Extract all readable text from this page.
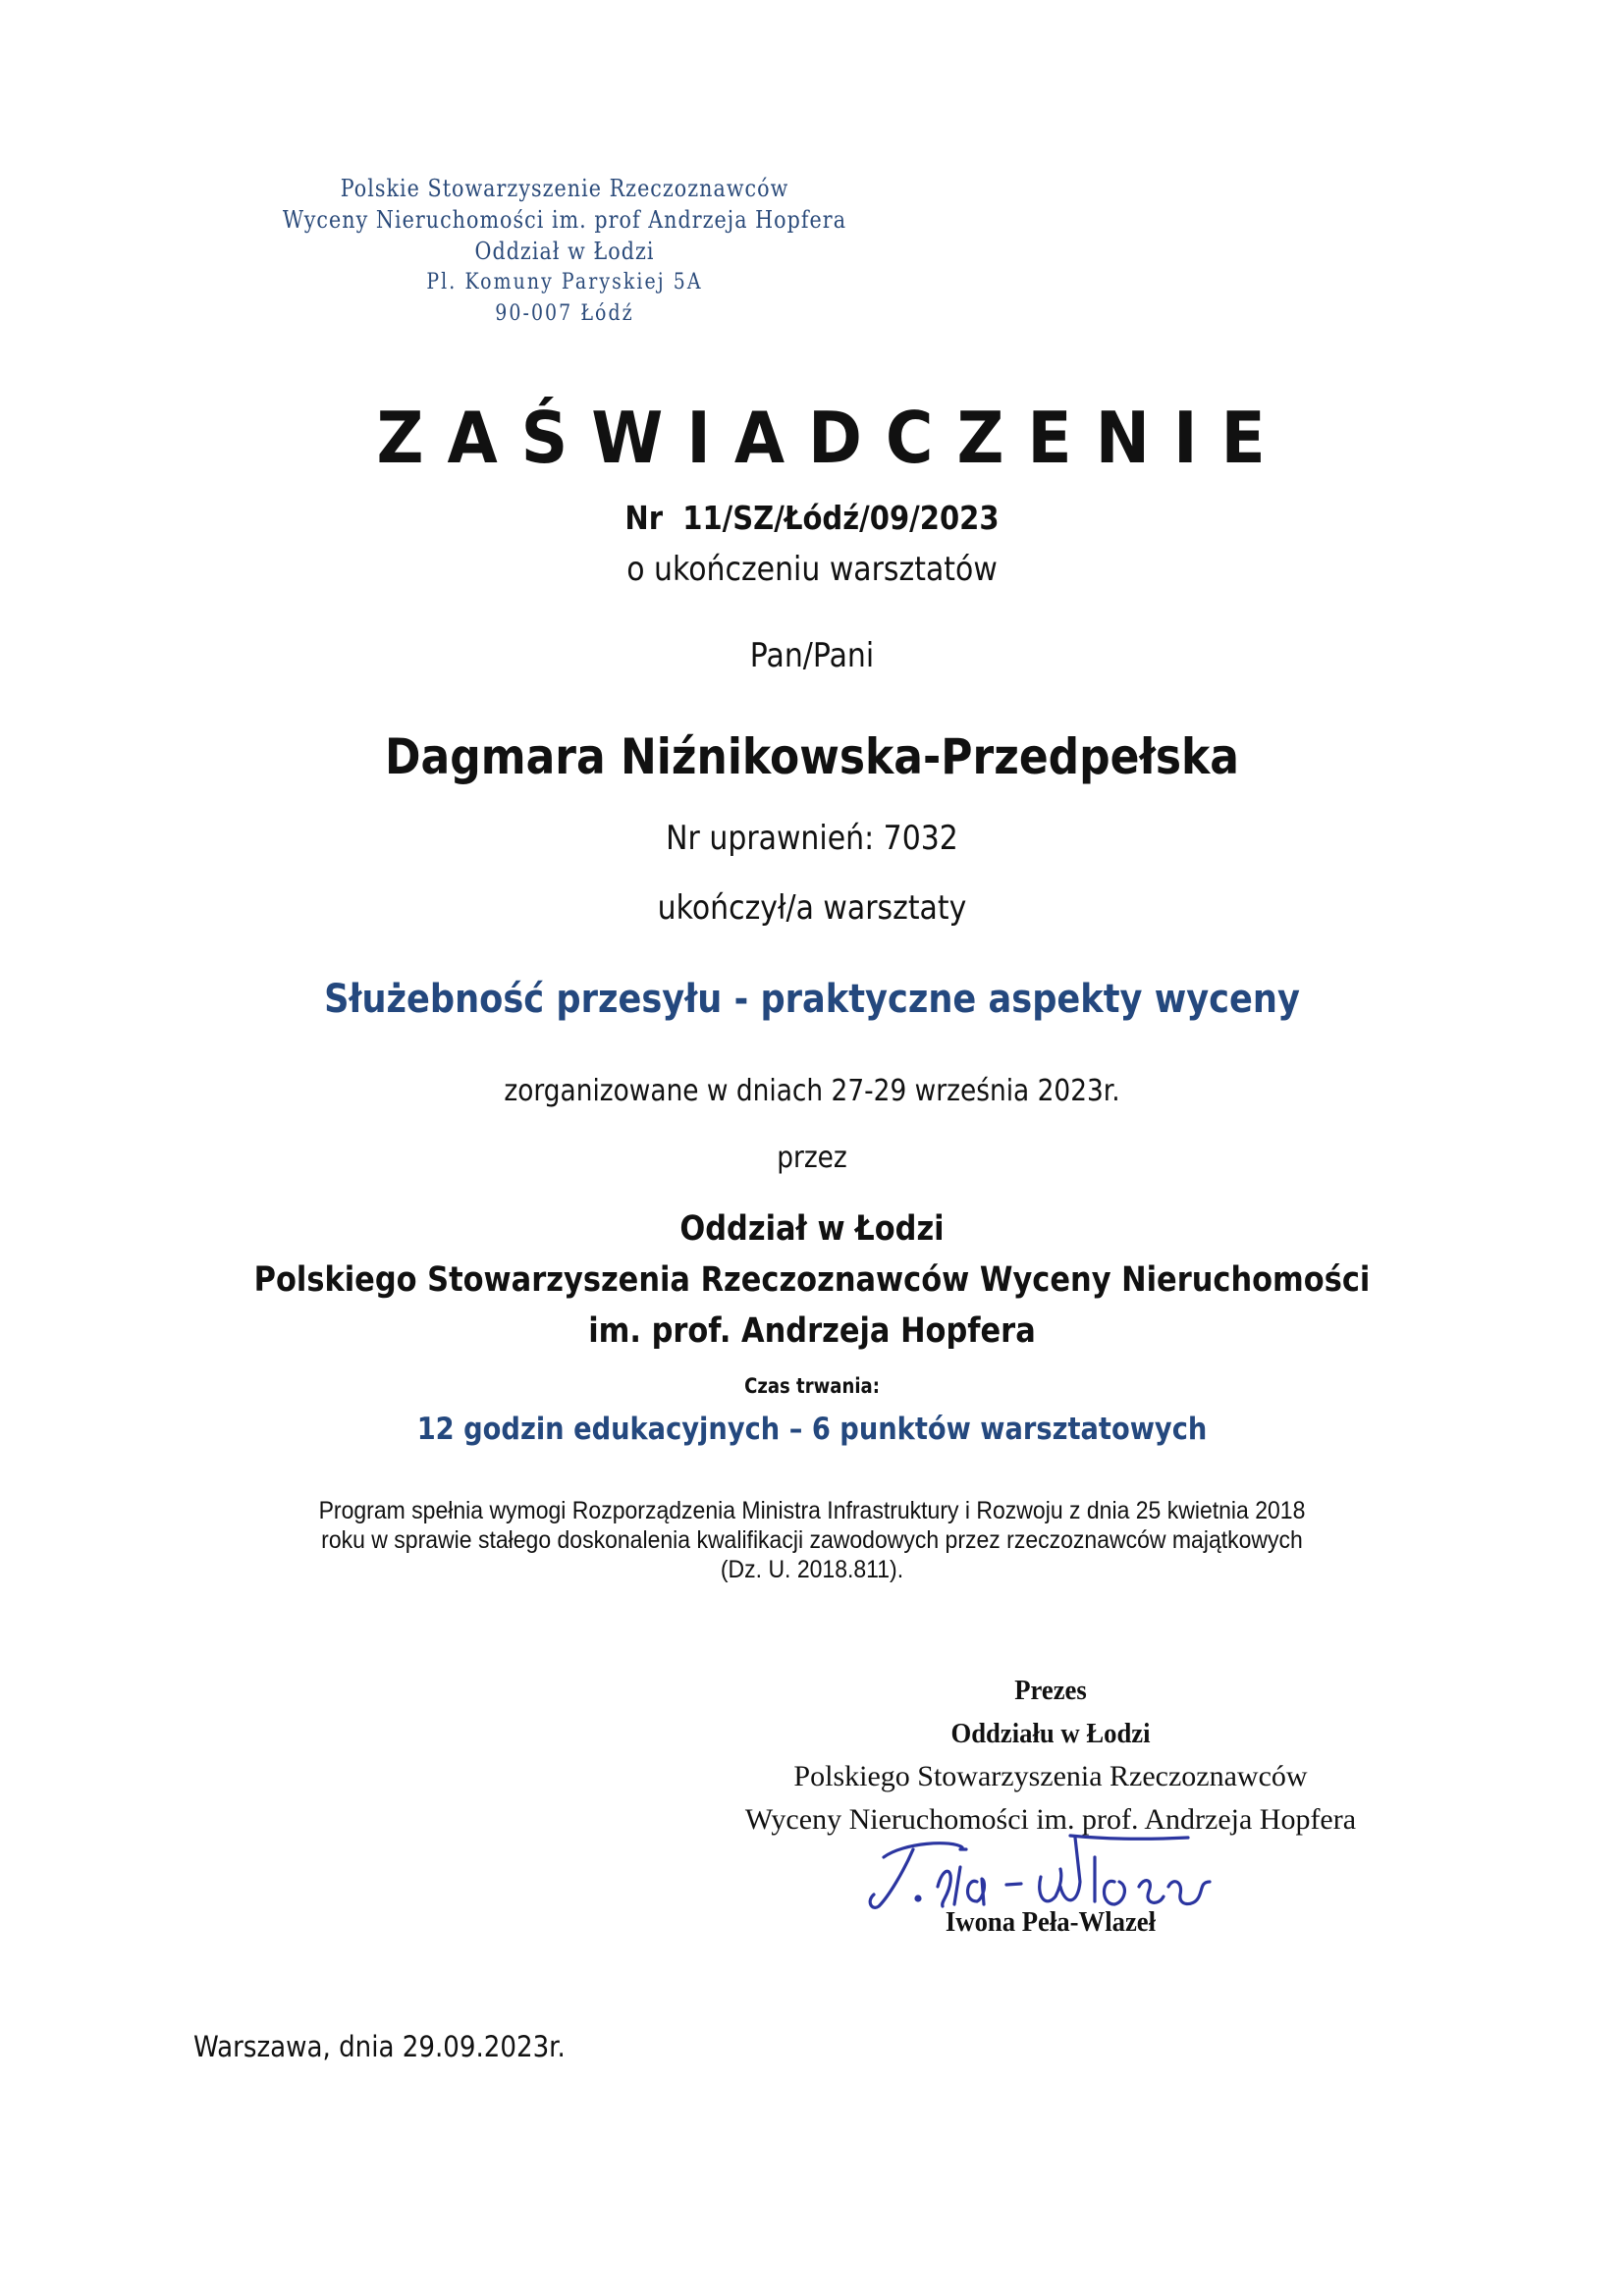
Polskie Stowarzyszenie Rzeczoznawców
Wyceny Nieruchomości im. prof Andrzeja Hopfera
Oddział w Łodzi
Pl. Komuny Paryskiej 5A
90-007 Łódź
ZAŚWIADCZENIE
Nr  11/SZ/Łódź/09/2023
o ukończeniu warsztatów
Pan/Pani
Dagmara Niźnikowska-Przedpełska
Nr uprawnień: 7032
ukończył/a warsztaty
Służebność przesyłu - praktyczne aspekty wyceny
zorganizowane w dniach 27-29 września 2023r.
przez
Oddział w Łodzi
Polskiego Stowarzyszenia Rzeczoznawców Wyceny Nieruchomości
im. prof. Andrzeja Hopfera
Czas trwania:
12 godzin edukacyjnych – 6 punktów warsztatowych
Program spełnia wymogi Rozporządzenia Ministra Infrastruktury i Rozwoju z dnia 25 kwietnia 2018
roku w sprawie stałego doskonalenia kwalifikacji zawodowych przez rzeczoznawców majątkowych
(Dz. U. 2018.811).
Prezes
Oddziału w Łodzi
Polskiego Stowarzyszenia Rzeczoznawców
Wyceny Nieruchomości im. prof. Andrzeja Hopfera
Iwona Peła-Wlazeł
Warszawa, dnia 29.09.2023r.
